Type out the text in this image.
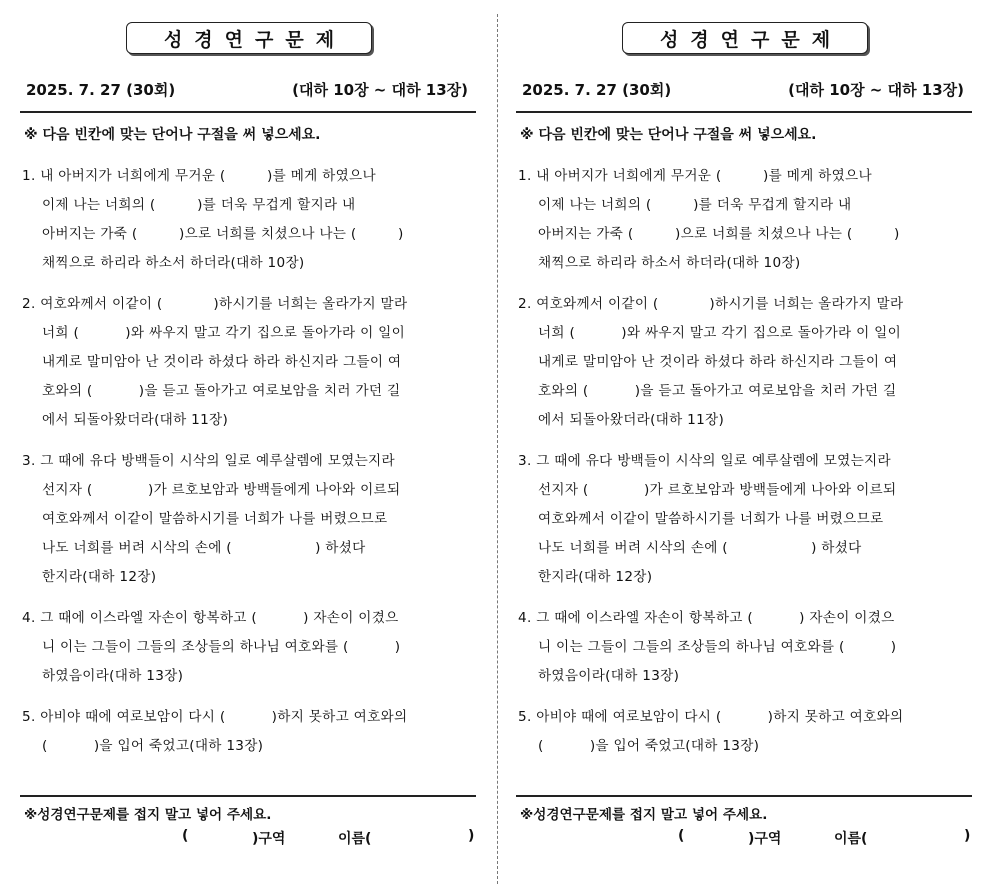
성경연구문제
2025. 7. 27 (30회)	(대하 10장 ~ 대하 13장)
※ 다음 빈칸에 맞는 단어나 구절을 써 넣으세요.
1. 내 아버지가 너희에게 무거운 (         )를 메게 하였으나
이제 나는 너희의 (         )를 더욱 무겁게 할지라 내
아버지는 가죽 (         )으로 너희를 치셨으나 나는 (         )
채찍으로 하리라 하소서 하더라(대하 10장)
2. 여호와께서 이같이 (           )하시기를 너희는 올라가지 말라
너희 (          )와 싸우지 말고 각기 집으로 돌아가라 이 일이
내게로 말미암아 난 것이라 하셨다 하라 하신지라 그들이 여
호와의 (          )을 듣고 돌아가고 여로보암을 치러 가던 길
에서 되돌아왔더라(대하 11장)
3. 그 때에 유다 방백들이 시삭의 일로 예루살렘에 모였는지라
선지자 (            )가 르호보암과 방백들에게 나아와 이르되
여호와께서 이같이 말씀하시기를 너희가 나를 버렸으므로
나도 너희를 버려 시삭의 손에 (                  ) 하셨다
한지라(대하 12장)
4. 그 때에 이스라엘 자손이 항복하고 (          ) 자손이 이겼으
니 이는 그들이 그들의 조상들의 하나님 여호와를 (          )
하였음이라(대하 13장)
5. 아비야 때에 여로보암이 다시 (          )하지 못하고 여호와의
(          )을 입어 죽었고(대하 13장)
※성경연구문제를 접지 말고 넣어 주세요.
(	)구역	이름(	)
성경연구문제
2025. 7. 27 (30회)	(대하 10장 ~ 대하 13장)
※ 다음 빈칸에 맞는 단어나 구절을 써 넣으세요.
1. 내 아버지가 너희에게 무거운 (         )를 메게 하였으나
이제 나는 너희의 (         )를 더욱 무겁게 할지라 내
아버지는 가죽 (         )으로 너희를 치셨으나 나는 (         )
채찍으로 하리라 하소서 하더라(대하 10장)
2. 여호와께서 이같이 (           )하시기를 너희는 올라가지 말라
너희 (          )와 싸우지 말고 각기 집으로 돌아가라 이 일이
내게로 말미암아 난 것이라 하셨다 하라 하신지라 그들이 여
호와의 (          )을 듣고 돌아가고 여로보암을 치러 가던 길
에서 되돌아왔더라(대하 11장)
3. 그 때에 유다 방백들이 시삭의 일로 예루살렘에 모였는지라
선지자 (            )가 르호보암과 방백들에게 나아와 이르되
여호와께서 이같이 말씀하시기를 너희가 나를 버렸으므로
나도 너희를 버려 시삭의 손에 (                  ) 하셨다
한지라(대하 12장)
4. 그 때에 이스라엘 자손이 항복하고 (          ) 자손이 이겼으
니 이는 그들이 그들의 조상들의 하나님 여호와를 (          )
하였음이라(대하 13장)
5. 아비야 때에 여로보암이 다시 (          )하지 못하고 여호와의
(          )을 입어 죽었고(대하 13장)
※성경연구문제를 접지 말고 넣어 주세요.
(	)구역	이름(	)
